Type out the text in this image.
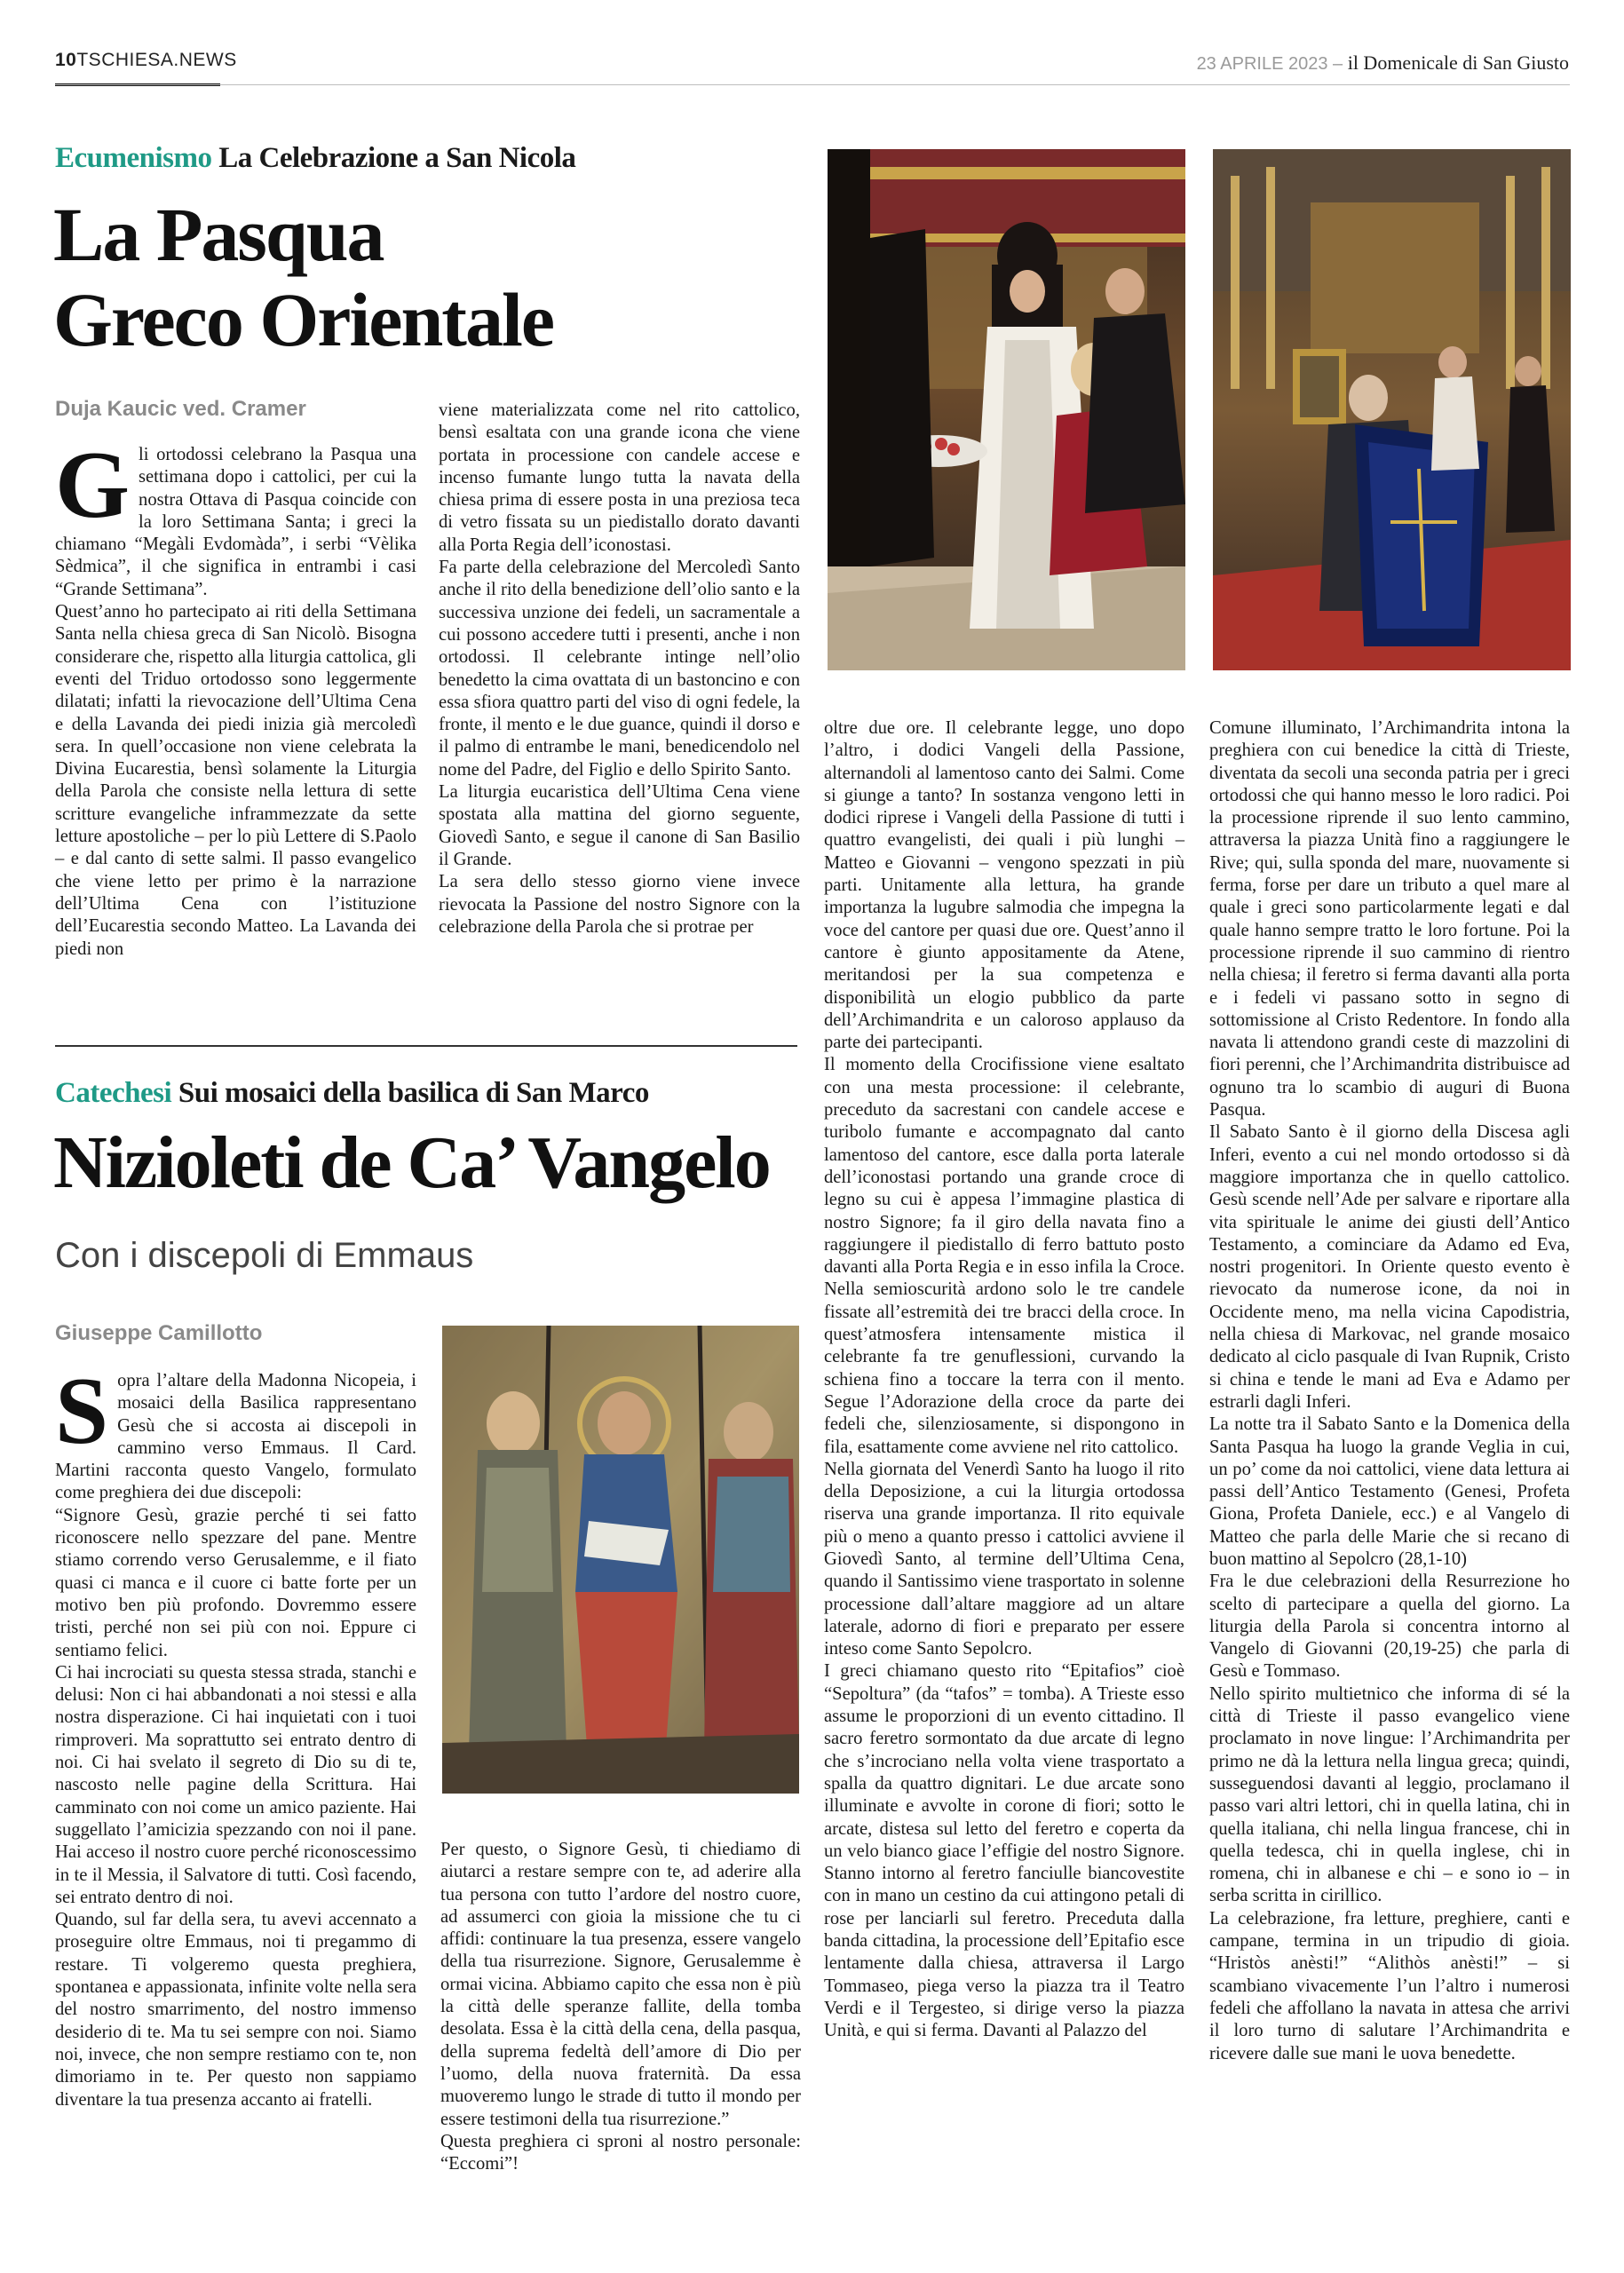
10TSCHIESA.NEWS	23 APRILE 2023 – il Domenicale di San Giusto
Ecumenismo La Celebrazione a San Nicola
La Pasqua
Greco Orientale
Duja Kaucic ved. Cramer
G li ortodossi celebrano la Pasqua una settimana dopo i cattolici, per cui la nostra Ottava di Pasqua coincide con la loro Settimana Santa; i greci la chiamano “Megàli Evdomàda”, i serbi “Vèlika Sèdmica”, il che significa in entrambi i casi “Grande Settimana”.

Quest’anno ho partecipato ai riti della Settimana Santa nella chiesa greca di San Nicolò. Bisogna considerare che, rispetto alla liturgia cattolica, gli eventi del Triduo ortodosso sono leggermente dilatati; infatti la rievocazione dell’Ultima Cena e della Lavanda dei piedi inizia già mercoledì sera. In quell’occasione non viene celebrata la Divina Eucarestia, bensì solamente la Liturgia della Parola che consiste nella lettura di sette scritture evangeliche inframmezzate da sette letture apostoliche – per lo più Lettere di S.Paolo – e dal canto di sette salmi. Il passo evangelico che viene letto per primo è la narrazione dell’Ultima Cena con l’istituzione dell’Eucarestia secondo Matteo. La Lavanda dei piedi non

viene materializzata come nel rito cattolico, bensì esaltata con una grande icona che viene portata in processione con candele accese e incenso fumante lungo tutta la navata della chiesa prima di essere posta in una preziosa teca di vetro fissata su un piedistallo dorato davanti alla Porta Regia dell’iconostasi.

Fa parte della celebrazione del Mercoledì Santo anche il rito della benedizione dell’olio santo e la successiva unzione dei fedeli, un sacramentale a cui possono accedere tutti i presenti, anche i non ortodossi. Il celebrante intinge nell’olio benedetto la cima ovattata di un bastoncino e con essa sfiora quattro parti del viso di ogni fedele, la fronte, il mento e le due guance, quindi il dorso e il palmo di entrambe le mani, benedicendolo nel nome del Padre, del Figlio e dello Spirito Santo.

La liturgia eucaristica dell’Ultima Cena viene spostata alla mattina del giorno seguente, Giovedì Santo, e segue il canone di San Basilio il Grande.

La sera dello stesso giorno viene invece rievocata la Passione del nostro Signore con la celebrazione della Parola che si protrae per

oltre due ore. Il celebrante legge, uno dopo l’altro, i dodici Vangeli della Passione, alternandoli al lamentoso canto dei Salmi. Come si giunge a tanto? In sostanza vengono letti in dodici riprese i Vangeli della Passione di tutti i quattro evangelisti, dei quali i più lunghi – Matteo e Giovanni – vengono spezzati in più parti. Unitamente alla lettura, ha grande importanza la lugubre salmodia che impegna la voce del cantore per quasi due ore. Quest’anno il cantore è giunto appositamente da Atene, meritandosi per la sua competenza e disponibilità un elogio pubblico da parte dell’Archimandrita e un caloroso applauso da parte dei partecipanti.

Il momento della Crocifissione viene esaltato con una mesta processione: il celebrante, preceduto da sacrestani con candele accese e turibolo fumante e accompagnato dal canto lamentoso del cantore, esce dalla porta laterale dell’iconostasi portando una grande croce di legno su cui è appesa l’immagine plastica di nostro Signore; fa il giro della navata fino a raggiungere il piedistallo di ferro battuto posto davanti alla Porta Regia e in esso infila la Croce. Nella semioscurità ardono solo le tre candele fissate all’estremità dei tre bracci della croce. In quest’atmosfera intensamente mistica il celebrante fa tre genuflessioni, curvando la schiena fino a toccare la terra con il mento. Segue l’Adorazione della croce da parte dei fedeli che, silenziosamente, si dispongono in fila, esattamente come avviene nel rito cattolico.

Nella giornata del Venerdì Santo ha luogo il rito della Deposizione, a cui la liturgia ortodossa riserva una grande importanza. Il rito equivale più o meno a quanto presso i cattolici avviene il Giovedì Santo, al termine dell’Ultima Cena, quando il Santissimo viene trasportato in solenne processione dall’altare maggiore ad un altare laterale, adorno di fiori e preparato per essere inteso come Santo Sepolcro.

I greci chiamano questo rito “Epitafios” cioè “Sepoltura” (da “tafos” = tomba). A Trieste esso assume le proporzioni di un evento cittadino. Il sacro feretro sormontato da due arcate di legno che s’incrociano nella volta viene trasportato a spalla da quattro dignitari. Le due arcate sono illuminate e avvolte in corone di fiori; sotto le arcate, distesa sul letto del feretro e coperta da un velo bianco giace l’effigie del nostro Signore. Stanno intorno al feretro fanciulle biancovestite con in mano un cestino da cui attingono petali di rose per lanciarli sul feretro. Preceduta dalla banda cittadina, la processione dell’Epitafio esce lentamente dalla chiesa, attraversa il Largo Tommaseo, piega verso la piazza tra il Teatro Verdi e il Tergesteo, si dirige verso la piazza Unità, e qui si ferma. Davanti al Palazzo del

Comune illuminato, l’Archimandrita intona la preghiera con cui benedice la città di Trieste, diventata da secoli una seconda patria per i greci ortodossi che qui hanno messo le loro radici. Poi la processione riprende il suo lento cammino, attraversa la piazza Unità fino a raggiungere le Rive; qui, sulla sponda del mare, nuovamente si ferma, forse per dare un tributo a quel mare al quale i greci sono particolarmente legati e dal quale hanno sempre tratto le loro fortune. Poi la processione riprende il suo cammino di rientro nella chiesa; il feretro si ferma davanti alla porta e i fedeli vi passano sotto in segno di sottomissione al Cristo Redentore. In fondo alla navata li attendono grandi ceste di mazzolini di fiori perenni, che l’Archimandrita distribuisce ad ognuno tra lo scambio di auguri di Buona Pasqua.

Il Sabato Santo è il giorno della Discesa agli Inferi, evento a cui nel mondo ortodosso si dà maggiore importanza che in quello cattolico. Gesù scende nell’Ade per salvare e riportare alla vita spirituale le anime dei giusti dell’Antico Testamento, a cominciare da Adamo ed Eva, nostri progenitori. In Oriente questo evento è rievocato da numerose icone, da noi in Occidente meno, ma nella vicina Capodistria, nella chiesa di Markovac, nel grande mosaico dedicato al ciclo pasquale di Ivan Rupnik, Cristo si china e tende le mani ad Eva e Adamo per estrarli dagli Inferi.

La notte tra il Sabato Santo e la Domenica della Santa Pasqua ha luogo la grande Veglia in cui, un po’ come da noi cattolici, viene data lettura ai passi dell’Antico Testamento (Genesi, Profeta Giona, Profeta Daniele, ecc.) e al Vangelo di Matteo che parla delle Marie che si recano di buon mattino al Sepolcro (28,1-10)

Fra le due celebrazioni della Resurrezione ho scelto di partecipare a quella del giorno. La liturgia della Parola si concentra intorno al Vangelo di Giovanni (20,19-25) che parla di Gesù e Tommaso.

Nello spirito multietnico che informa di sé la città di Trieste il passo evangelico viene proclamato in nove lingue: l’Archimandrita per primo ne dà la lettura nella lingua greca; quindi, susseguendosi davanti al leggio, proclamano il passo vari altri lettori, chi in quella latina, chi in quella italiana, chi nella lingua francese, chi in quella tedesca, chi in quella inglese, chi in romena, chi in albanese e chi – e sono io – in serba scritta in cirillico.

La celebrazione, fra letture, preghiere, canti e campane, termina in un tripudio di gioia. “Hristòs anèsti!” “Alithòs anèsti!” – si scambiano vivacemente l’un l’altro i numerosi fedeli che affollano la navata in attesa che arrivi il loro turno di salutare l’Archimandrita e ricevere dalle sue mani le uova benedette.

Catechesi Sui mosaici della basilica di San Marco
Nizioleti de Ca’ Vangelo
Con i discepoli di Emmaus
Giuseppe Camillotto
S opra l’altare della Madonna Nicopeia, i mosaici della Basilica rappresentano Gesù che si accosta ai discepoli in cammino verso Emmaus. Il Card. Martini racconta questo Vangelo, formulato come preghiera dei due discepoli:

“Signore Gesù, grazie perché ti sei fatto riconoscere nello spezzare del pane. Mentre stiamo correndo verso Gerusalemme, e il fiato quasi ci manca e il cuore ci batte forte per un motivo ben più profondo. Dovremmo essere tristi, perché non sei più con noi. Eppure ci sentiamo felici.

Ci hai incrociati su questa stessa strada, stanchi e delusi: Non ci hai abbandonati a noi stessi e alla nostra disperazione. Ci hai inquietati con i tuoi rimproveri. Ma soprattutto sei entrato dentro di noi. Ci hai svelato il segreto di Dio su di te, nascosto nelle pagine della Scrittura. Hai camminato con noi come un amico paziente. Hai suggellato l’amicizia spezzando con noi il pane. Hai acceso il nostro cuore perché riconoscessimo in te il Messia, il Salvatore di tutti. Così facendo, sei entrato dentro di noi.

Quando, sul far della sera, tu avevi accennato a proseguire oltre Emmaus, noi ti pregammo di restare. Ti volgeremo questa preghiera, spontanea e appassionata, infinite volte nella sera del nostro smarrimento, del nostro immenso desiderio di te. Ma tu sei sempre con noi. Siamo noi, invece, che non sempre restiamo con te, non dimoriamo in te. Per questo non sappiamo diventare la tua presenza accanto ai fratelli.

Per questo, o Signore Gesù, ti chiediamo di aiutarci a restare sempre con te, ad aderire alla tua persona con tutto l’ardore del nostro cuore, ad assumerci con gioia la missione che tu ci affidi: continuare la tua presenza, essere vangelo della tua risurrezione. Signore, Gerusalemme è ormai vicina. Abbiamo capito che essa non è più la città delle speranze fallite, della tomba desolata. Essa è la città della cena, della pasqua, della suprema fedeltà dell’amore di Dio per l’uomo, della nuova fraternità. Da essa muoveremo lungo le strade di tutto il mondo per essere testimoni della tua risurrezione.”

Questa preghiera ci sproni al nostro personale: “Eccomi”!
